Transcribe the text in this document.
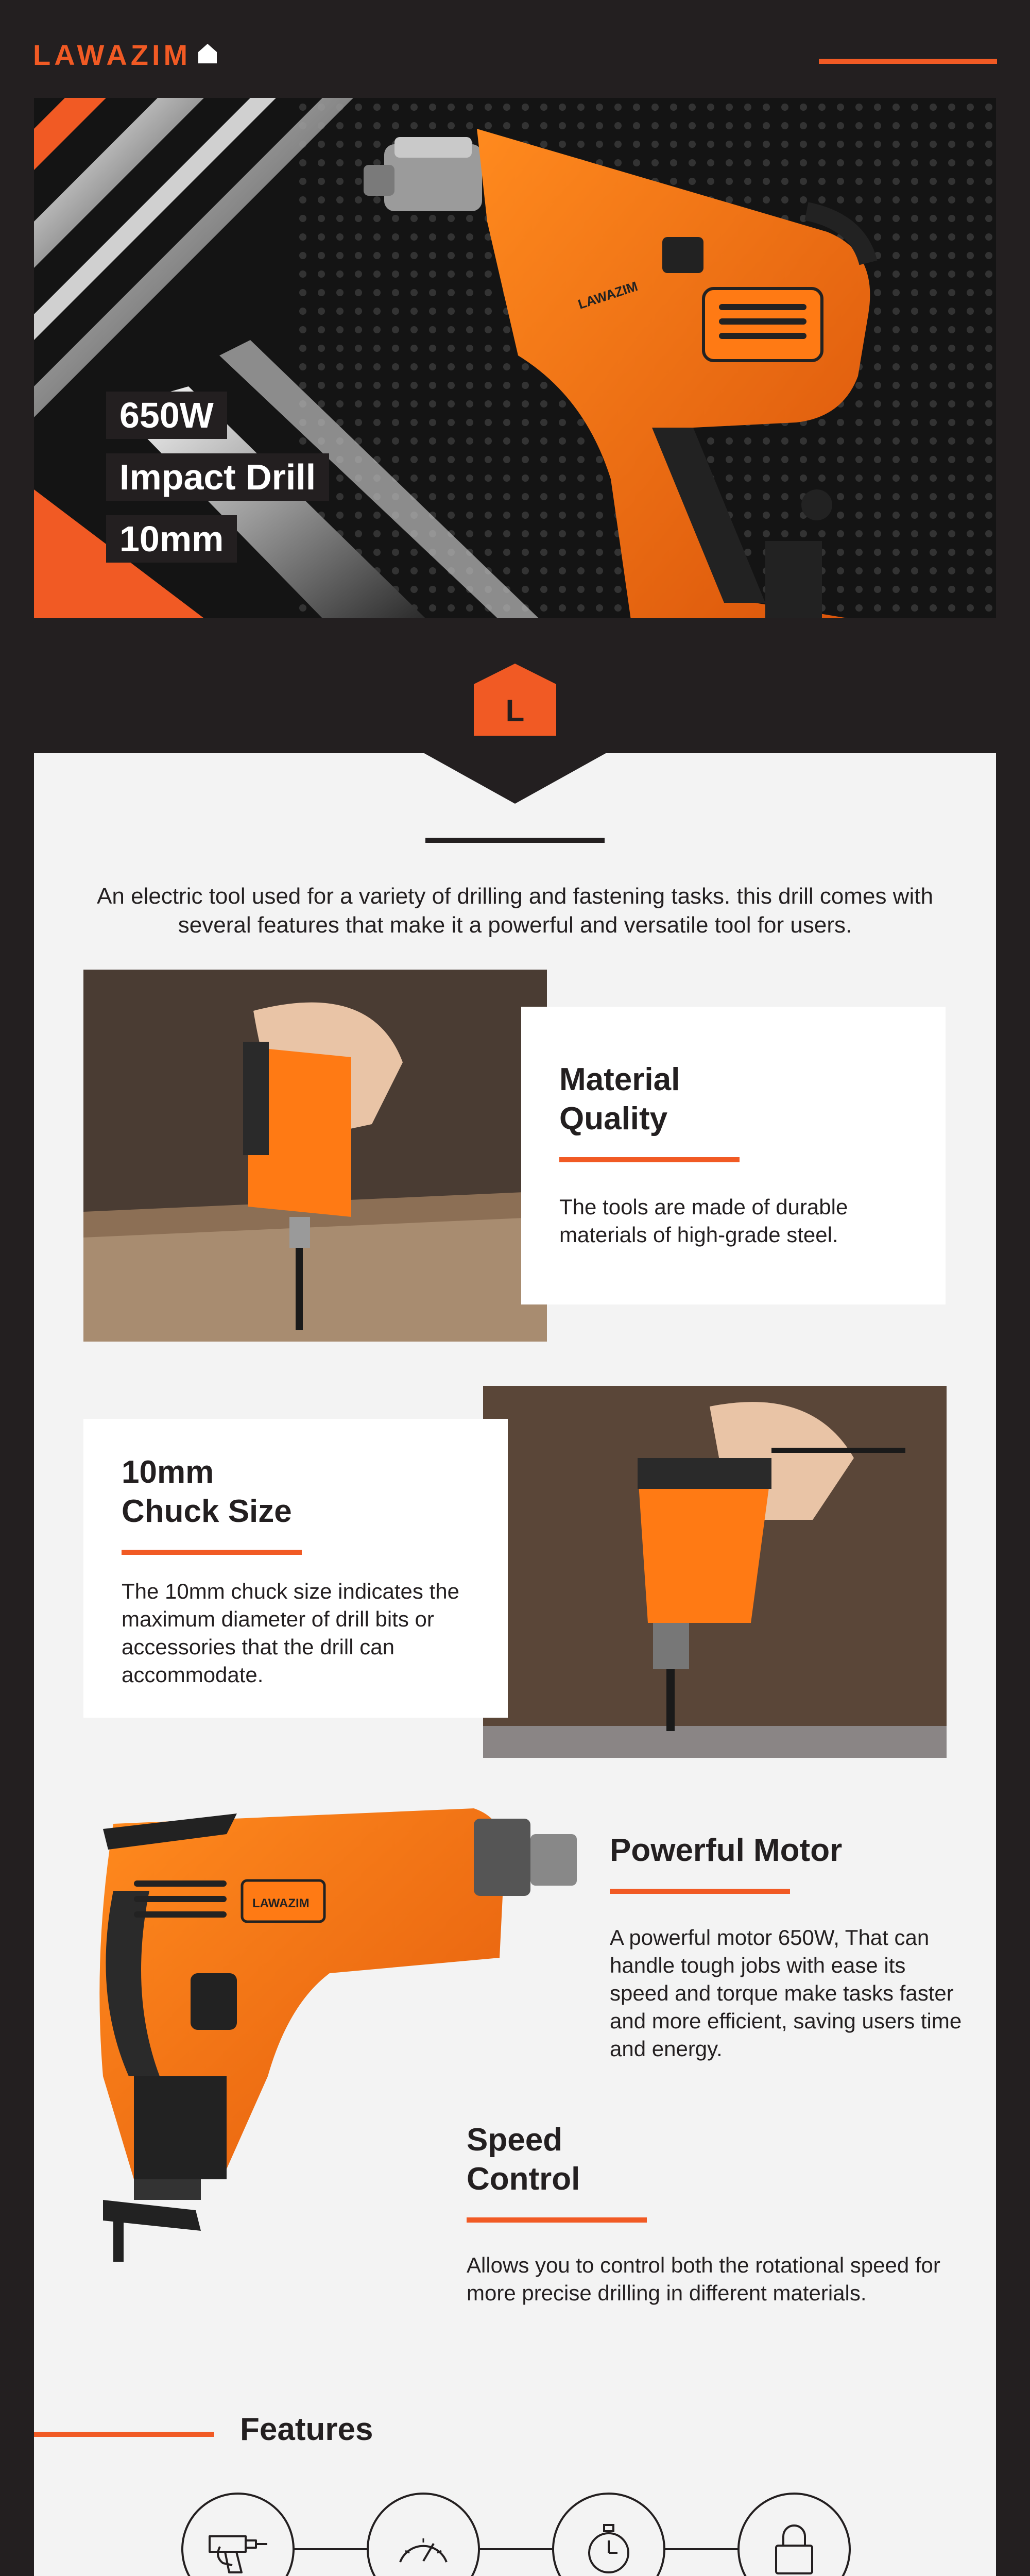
LAWAZIM
LAWAZIM
650W
Impact Drill
10mm
L
An electric tool used for a variety of drilling and fastening tasks. this drill comes with several features that make it a powerful and versatile tool for users.
Material
Quality
The tools are made of durable materials of high-grade steel.
10mm
Chuck Size
The 10mm chuck size indicates the maximum diameter of drill bits or accessories that the drill can accommodate.
LAWAZIM
Powerful Motor
A powerful motor 650W, That can handle tough jobs with ease its speed and torque make tasks faster and more efficient, saving users time and energy.
Speed
Control
Allows you to control both the rotational speed for more precise drilling in different materials.
Features
